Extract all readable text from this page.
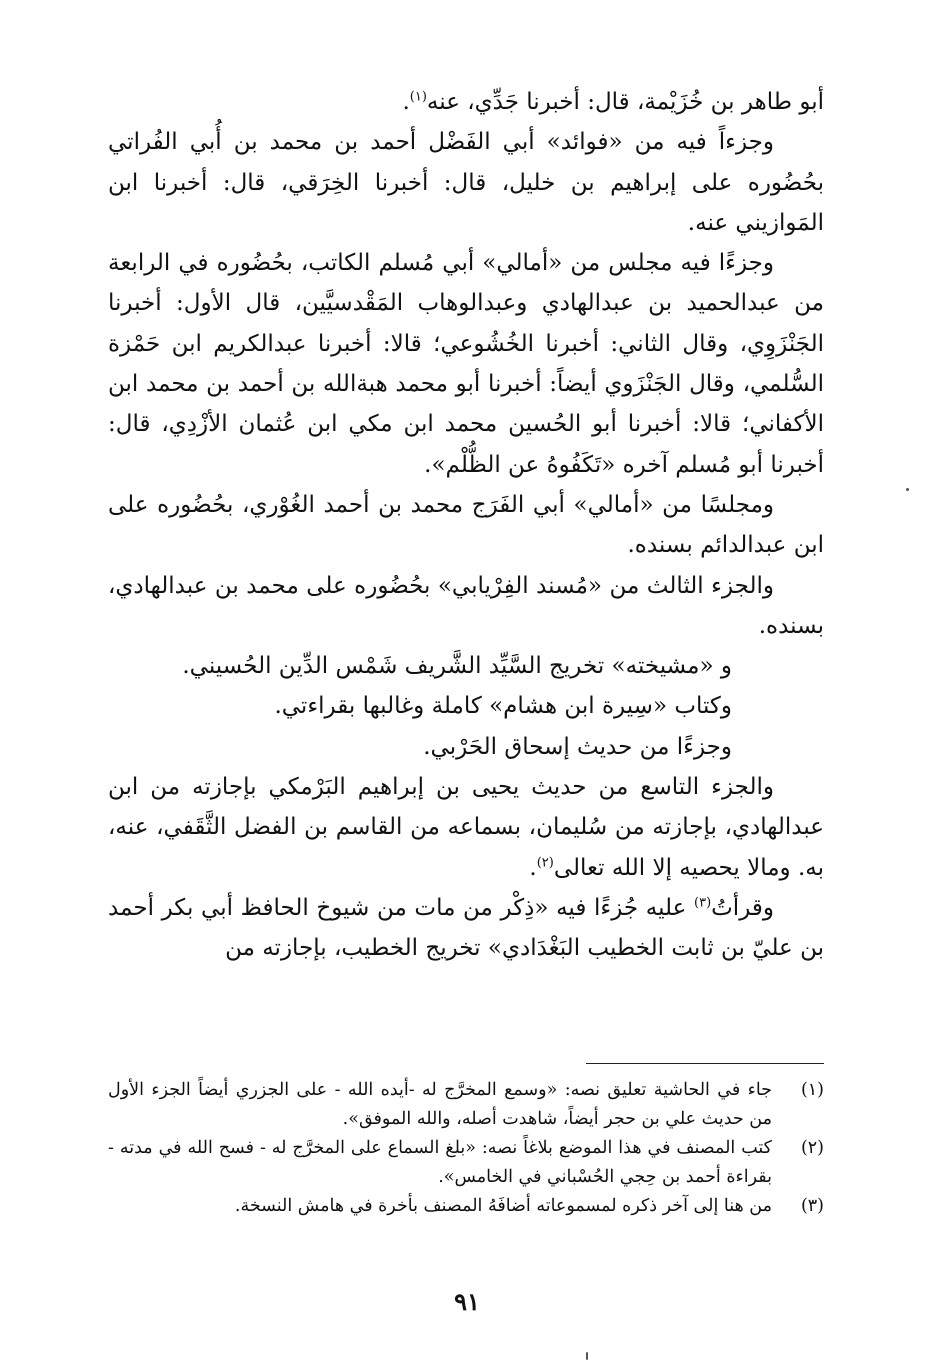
أبو طاهر بن خُزَيْمة، قال: أخبرنا جَدِّي، عنه$^{(١)}$.

وجزءاً فيه من «فوائد» أبي الفَضْل أحمد بن محمد بن أُبي الفُراتي بحُضُوره على إبراهيم بن خليل، قال: أخبرنا الخِرَقي، قال: أخبرنا ابن المَوازيني عنه.

وجزءًا فيه مجلس من «أمالي» أبي مُسلم الكاتب، بحُضُوره في الرابعة من عبدالحميد بن عبدالهادي وعبدالوهاب المَقْدسيَّين، قال الأول: أخبرنا الجَنْزَوِي، وقال الثاني: أخبرنا الخُشُوعي؛ قالا: أخبرنا عبدالكريم ابن حَمْزة السُّلمي، وقال الجَنْزَوي أيضاً: أخبرنا أبو محمد هبةالله بن أحمد بن محمد ابن الأكفاني؛ قالا: أخبرنا أبو الحُسين محمد ابن مكي ابن عُثمان الأزْدِي، قال: أخبرنا أبو مُسلم آخره «تَكَفُوهُ عن الظُّلْم».

ومجلسًا من «أمالي» أبي الفَرَج محمد بن أحمد الغُوْري، بحُضُوره على ابن عبدالدائم بسنده.

والجزء الثالث من «مُسند الفِرْيابي» بحُضُوره على محمد بن عبدالهادي، بسنده.

و «مشيخته» تخريج السَّيِّد الشَّريف شَمْس الدِّين الحُسيني.

وكتاب «سِيرة ابن هشام» كاملة وغالبها بقراءتي.

وجزءًا من حديث إسحاق الحَرْبي.

والجزء التاسع من حديث يحيى بن إبراهيم البَرْمكي بإجازته من ابن عبدالهادي، بإجازته من سُليمان، بسماعه من القاسم بن الفضل الثَّقَفي، عنه، به. ومالا يحصيه إلا الله تعالى$^{(٢)}$.

وقرأتُ$^{(٣)}$ عليه جُزءًا فيه «ذِكْر من مات من شيوخ الحافظ أبي بكر أحمد بن عليّ بن ثابت الخطيب البَغْدَادي» تخريج الخطيب، بإجازته من

(١)
جاء في الحاشية تعليق نصه: «وسمع المخرَّج له -أيده الله - على الجزري أيضاً الجزء الأول من حديث علي بن حجر أيضاً، شاهدت أصله، والله الموفق».
(٢)
كتب المصنف في هذا الموضع بلاغاً نصه: «بلغ السماع على المخرَّج له - فسح الله في مدته - بقراءة أحمد بن حِجي الحُسْباني في الخامس».
(٣)
من هنا إلى آخر ذكره لمسموعاته أضافَهُ المصنف بأخرة في هامش النسخة.
٩١
